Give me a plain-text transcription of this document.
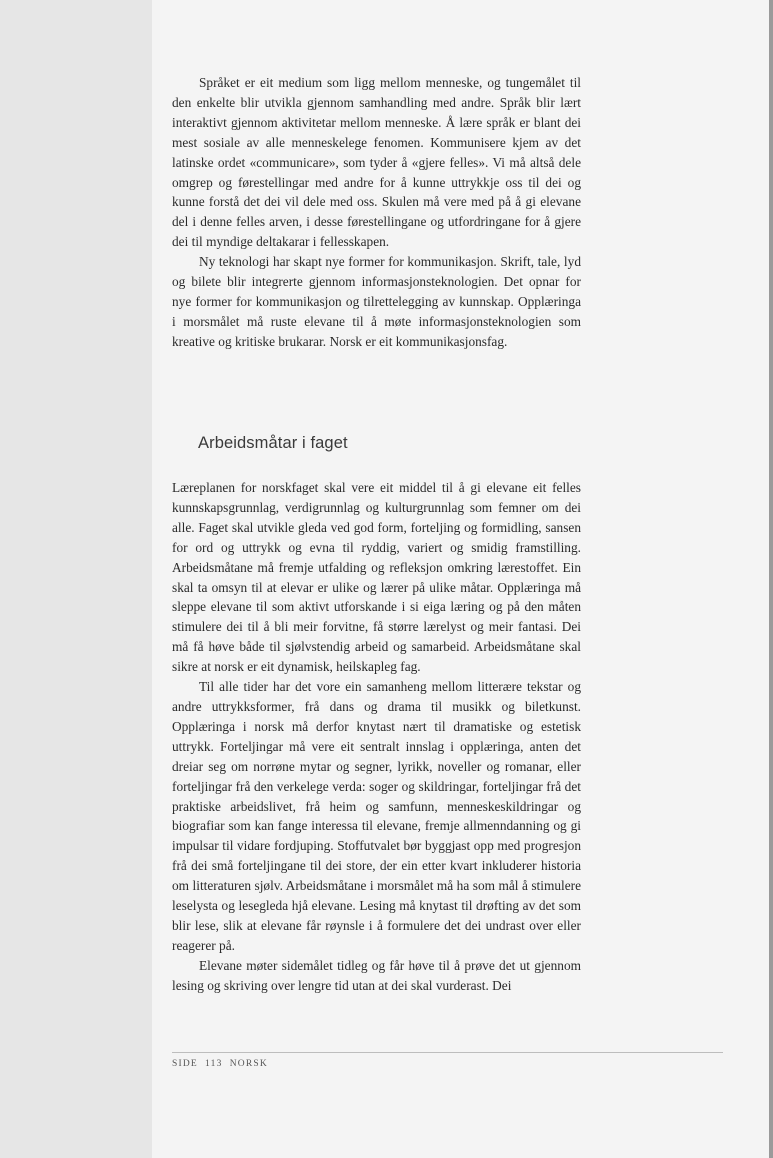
Språket er eit medium som ligg mellom menneske, og tungemålet til den enkelte blir utvikla gjennom samhandling med andre. Språk blir lært interaktivt gjennom aktivitetar mellom menneske. Å lære språk er blant dei mest sosiale av alle menneskelege fenomen. Kommunisere kjem av det latinske ordet «communicare», som tyder å «gjere felles». Vi må altså dele omgrep og førestellingar med andre for å kunne uttrykkje oss til dei og kunne forstå det dei vil dele med oss. Skulen må vere med på å gi elevane del i denne felles arven, i desse førestellingane og utfordringane for å gjere dei til myndige deltakarar i fellesskapen.

Ny teknologi har skapt nye former for kommunikasjon. Skrift, tale, lyd og bilete blir integrerte gjennom informasjonsteknologien. Det opnar for nye former for kommunikasjon og tilrettelegging av kunnskap. Opplæringa i morsmålet må ruste elevane til å møte informasjonsteknologien som kreative og kritiske brukarar. Norsk er eit kommunikasjonsfag.

Arbeidsmåtar i faget

Læreplanen for norskfaget skal vere eit middel til å gi elevane eit felles kunnskapsgrunnlag, verdigrunnlag og kulturgrunnlag som femner om dei alle. Faget skal utvikle gleda ved god form, forteljing og formidling, sansen for ord og uttrykk og evna til ryddig, variert og smidig framstilling. Arbeidsmåtane må fremje utfalding og refleksjon omkring lærestoffet. Ein skal ta omsyn til at elevar er ulike og lærer på ulike måtar. Opplæringa må sleppe elevane til som aktivt utforskande i si eiga læring og på den måten stimulere dei til å bli meir forvitne, få større lærelyst og meir fantasi. Dei må få høve både til sjølvstendig arbeid og samarbeid. Arbeidsmåtane skal sikre at norsk er eit dynamisk, heilskapleg fag.

Til alle tider har det vore ein samanheng mellom litterære tekstar og andre uttrykksformer, frå dans og drama til musikk og biletkunst. Opplæringa i norsk må derfor knytast nært til dramatiske og estetisk uttrykk. Forteljingar må vere eit sentralt innslag i opplæringa, anten det dreiar seg om norrøne mytar og segner, lyrikk, noveller og romanar, eller forteljingar frå den verkelege verda: soger og skildringar, forteljingar frå det praktiske arbeidslivet, frå heim og samfunn, menneskeskildringar og biografiar som kan fange interessa til elevane, fremje allmenndanning og gi impulsar til vidare fordjuping. Stoffutvalet bør byggjast opp med progresjon frå dei små forteljingane til dei store, der ein etter kvart inkluderer historia om litteraturen sjølv. Arbeidsmåtane i morsmålet må ha som mål å stimulere leselysta og lesegleda hjå elevane. Lesing må knytast til drøfting av det som blir lese, slik at elevane får røynsle i å formulere det dei undrast over eller reagerer på.

Elevane møter sidemålet tidleg og får høve til å prøve det ut gjennom lesing og skriving over lengre tid utan at dei skal vurderast. Dei

SIDE  113  NORSK
